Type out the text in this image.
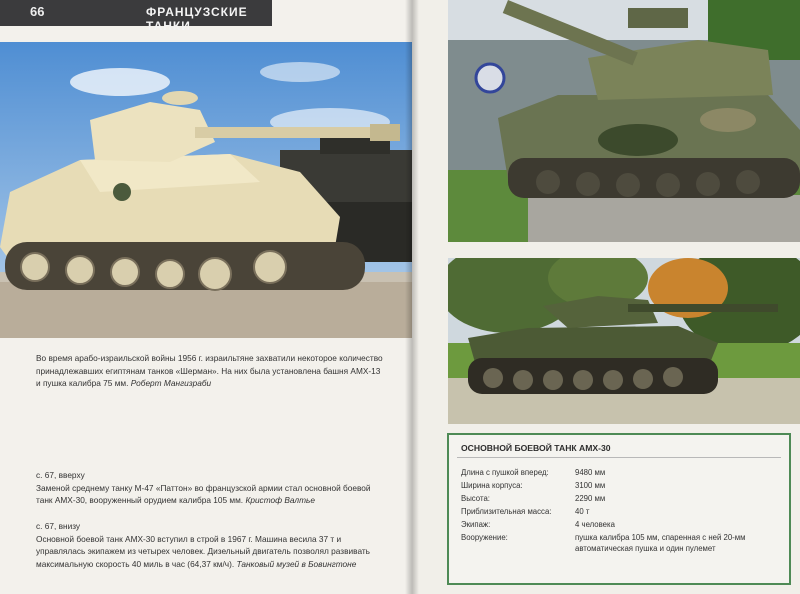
66	ФРАНЦУЗСКИЕ ТАНКИ
Во время арабо-израильской войны 1956 г. израильтяне захватили некоторое количество принадлежавших египтянам танков «Шерман». На них была установлена башня АМХ-13 и пушка калибра 75 мм. Роберт Мангизраби
с. 67, вверху
Заменой среднему танку М-47 «Паттон» во французской армии стал основной боевой танк АМХ-30, вооруженный орудием калибра 105 мм. Кристоф Валтье
с. 67, внизу
Основной боевой танк АМХ-30 вступил в строй в 1967 г. Машина весила 37 т и управлялась экипажем из четырех человек. Дизельный двигатель позволял развивать максимальную скорость 40 миль в час (64,37 км/ч). Танковый музей в Бовингтоне
ОСНОВНОЙ БОЕВОЙ ТАНК АМХ-30
Длина с пушкой вперед:	9480 мм
Ширина корпуса:	3100 мм
Высота:	2290 мм
Приблизительная масса:	40 т
Экипаж:	4 человека
Вооружение:	пушка калибра 105 мм, спаренная с ней 20-мм автоматическая пушка и один пулемет
